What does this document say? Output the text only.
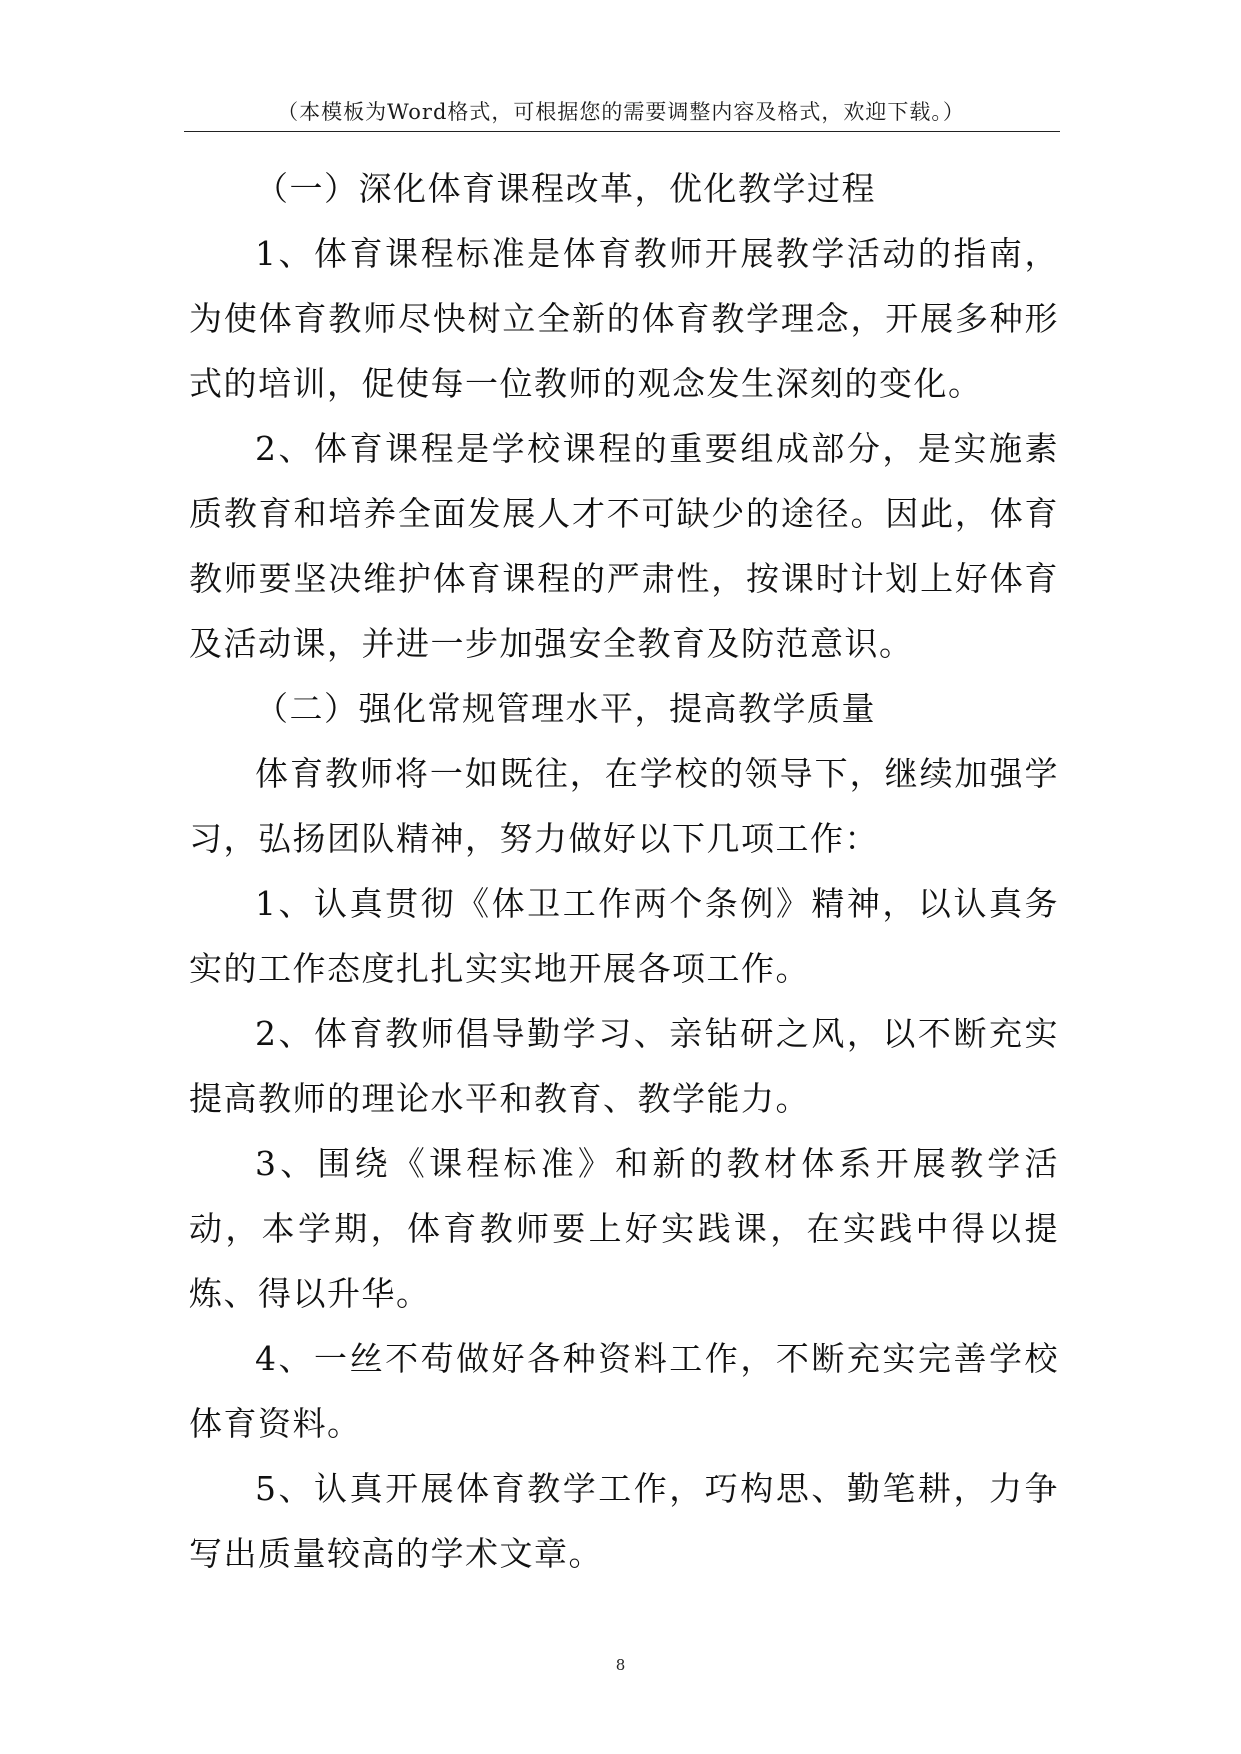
（本模板为Word格式，可根据您的需要调整内容及格式，欢迎下载。）

（一）深化体育课程改革，优化教学过程

1、体育课程标准是体育教师开展教学活动的指南，为使体育教师尽快树立全新的体育教学理念，开展多种形式的培训，促使每一位教师的观念发生深刻的变化。

2、体育课程是学校课程的重要组成部分，是实施素质教育和培养全面发展人才不可缺少的途径。因此，体育教师要坚决维护体育课程的严肃性，按课时计划上好体育及活动课，并进一步加强安全教育及防范意识。

（二）强化常规管理水平，提高教学质量

体育教师将一如既往，在学校的领导下，继续加强学习，弘扬团队精神，努力做好以下几项工作：

1、认真贯彻《体卫工作两个条例》精神，以认真务实的工作态度扎扎实实地开展各项工作。

2、体育教师倡导勤学习、亲钻研之风，以不断充实提高教师的理论水平和教育、教学能力。

3、围绕《课程标准》和新的教材体系开展教学活动，本学期，体育教师要上好实践课，在实践中得以提炼、得以升华。

4、一丝不苟做好各种资料工作，不断充实完善学校体育资料。

5、认真开展体育教学工作，巧构思、勤笔耕，力争写出质量较高的学术文章。

8
